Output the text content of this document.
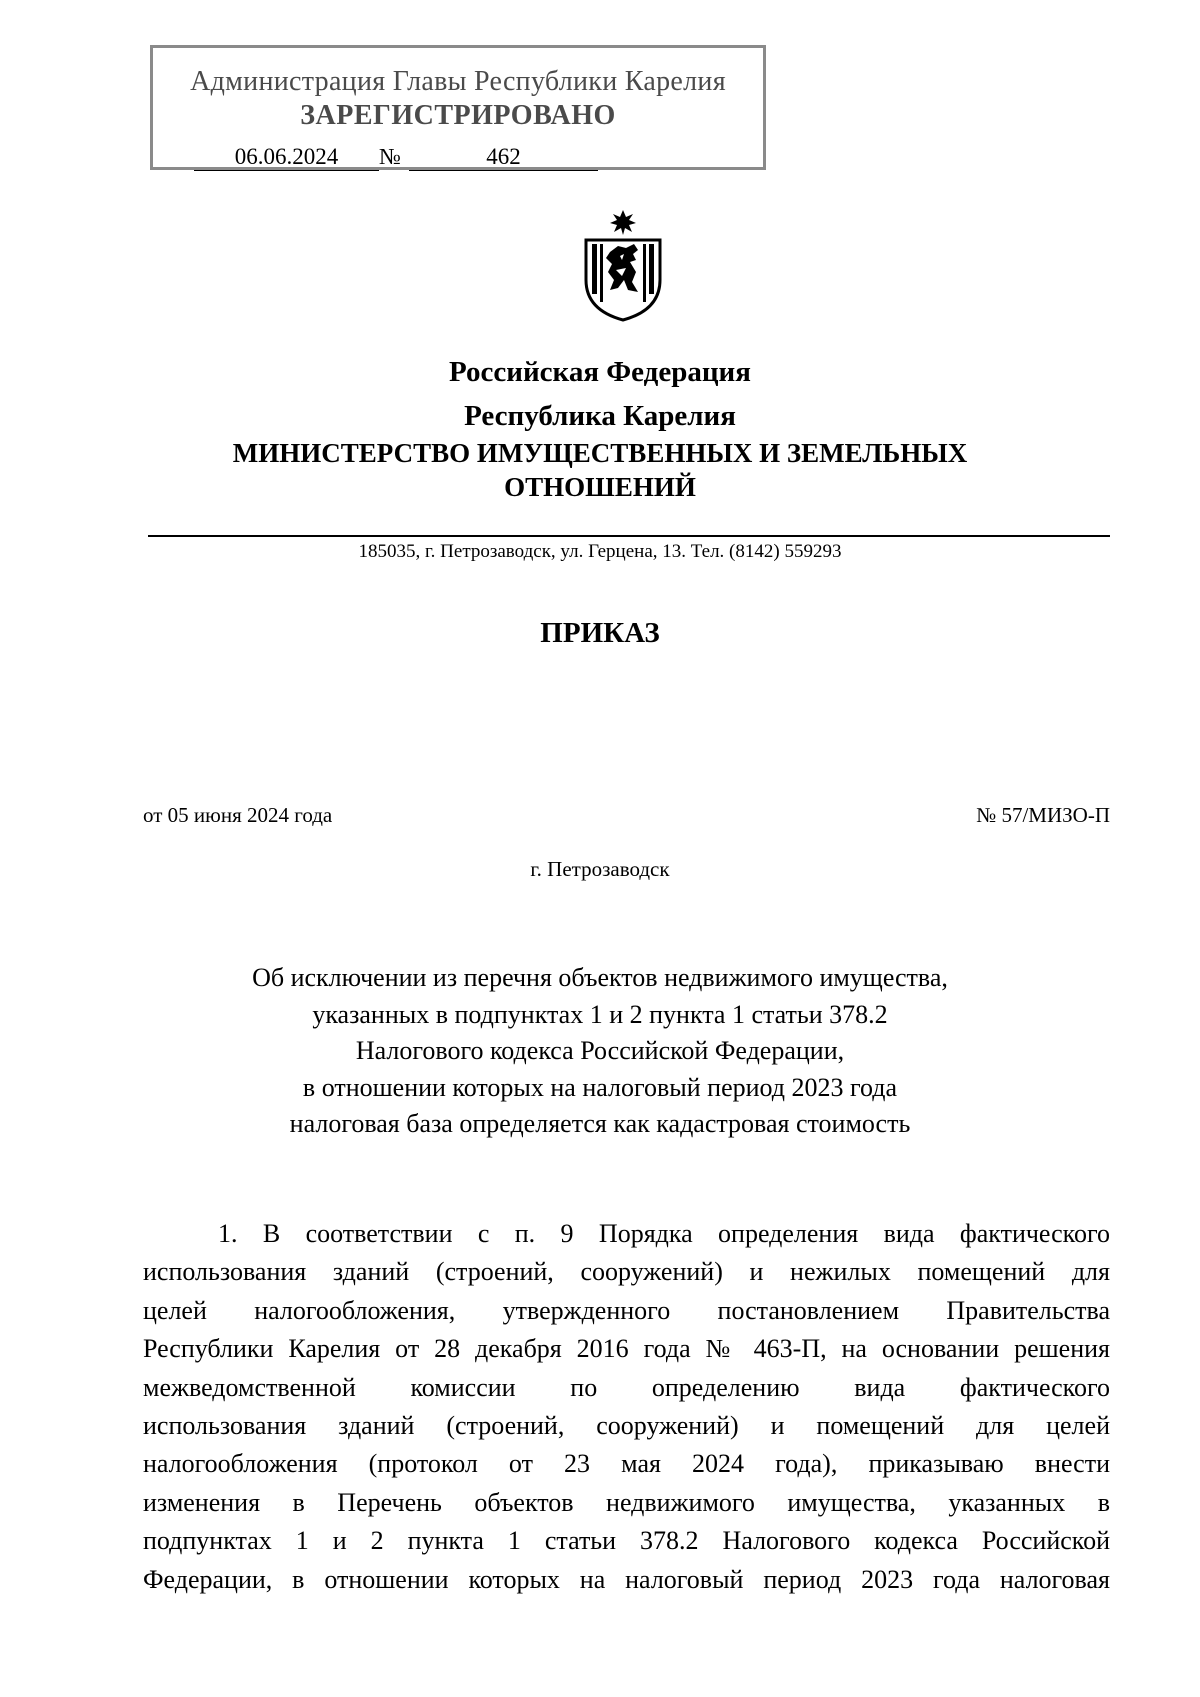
Администрация Главы Республики Карелия
ЗАРЕГИСТРИРОВАНО
06.06.2024	№	462
Российская Федерация
Республика Карелия
МИНИСТЕРСТВО ИМУЩЕСТВЕННЫХ И ЗЕМЕЛЬНЫХ
ОТНОШЕНИЙ
185035, г. Петрозаводск, ул. Герцена, 13. Тел. (8142) 559293
ПРИКАЗ
от 05 июня 2024 года	№ 57/МИЗО-П
г. Петрозаводск
Об исключении из перечня объектов недвижимого имущества,
указанных в подпунктах 1 и 2 пункта 1 статьи 378.2
Налогового кодекса Российской Федерации,
в отношении которых на налоговый период 2023 года
налоговая база определяется как кадастровая стоимость
1. В соответствии с п. 9 Порядка определения вида фактического
использования зданий (строений, сооружений) и нежилых помещений для
целей налогообложения, утвержденного постановлением Правительства
Республики Карелия от 28 декабря 2016 года № 463-П, на основании решения
межведомственной комиссии по определению вида фактического
использования зданий (строений, сооружений) и помещений для целей
налогообложения (протокол от 23 мая 2024 года), приказываю внести
изменения в Перечень объектов недвижимого имущества, указанных в
подпунктах 1 и 2 пункта 1 статьи 378.2 Налогового кодекса Российской
Федерации, в отношении которых на налоговый период 2023 года налоговая
